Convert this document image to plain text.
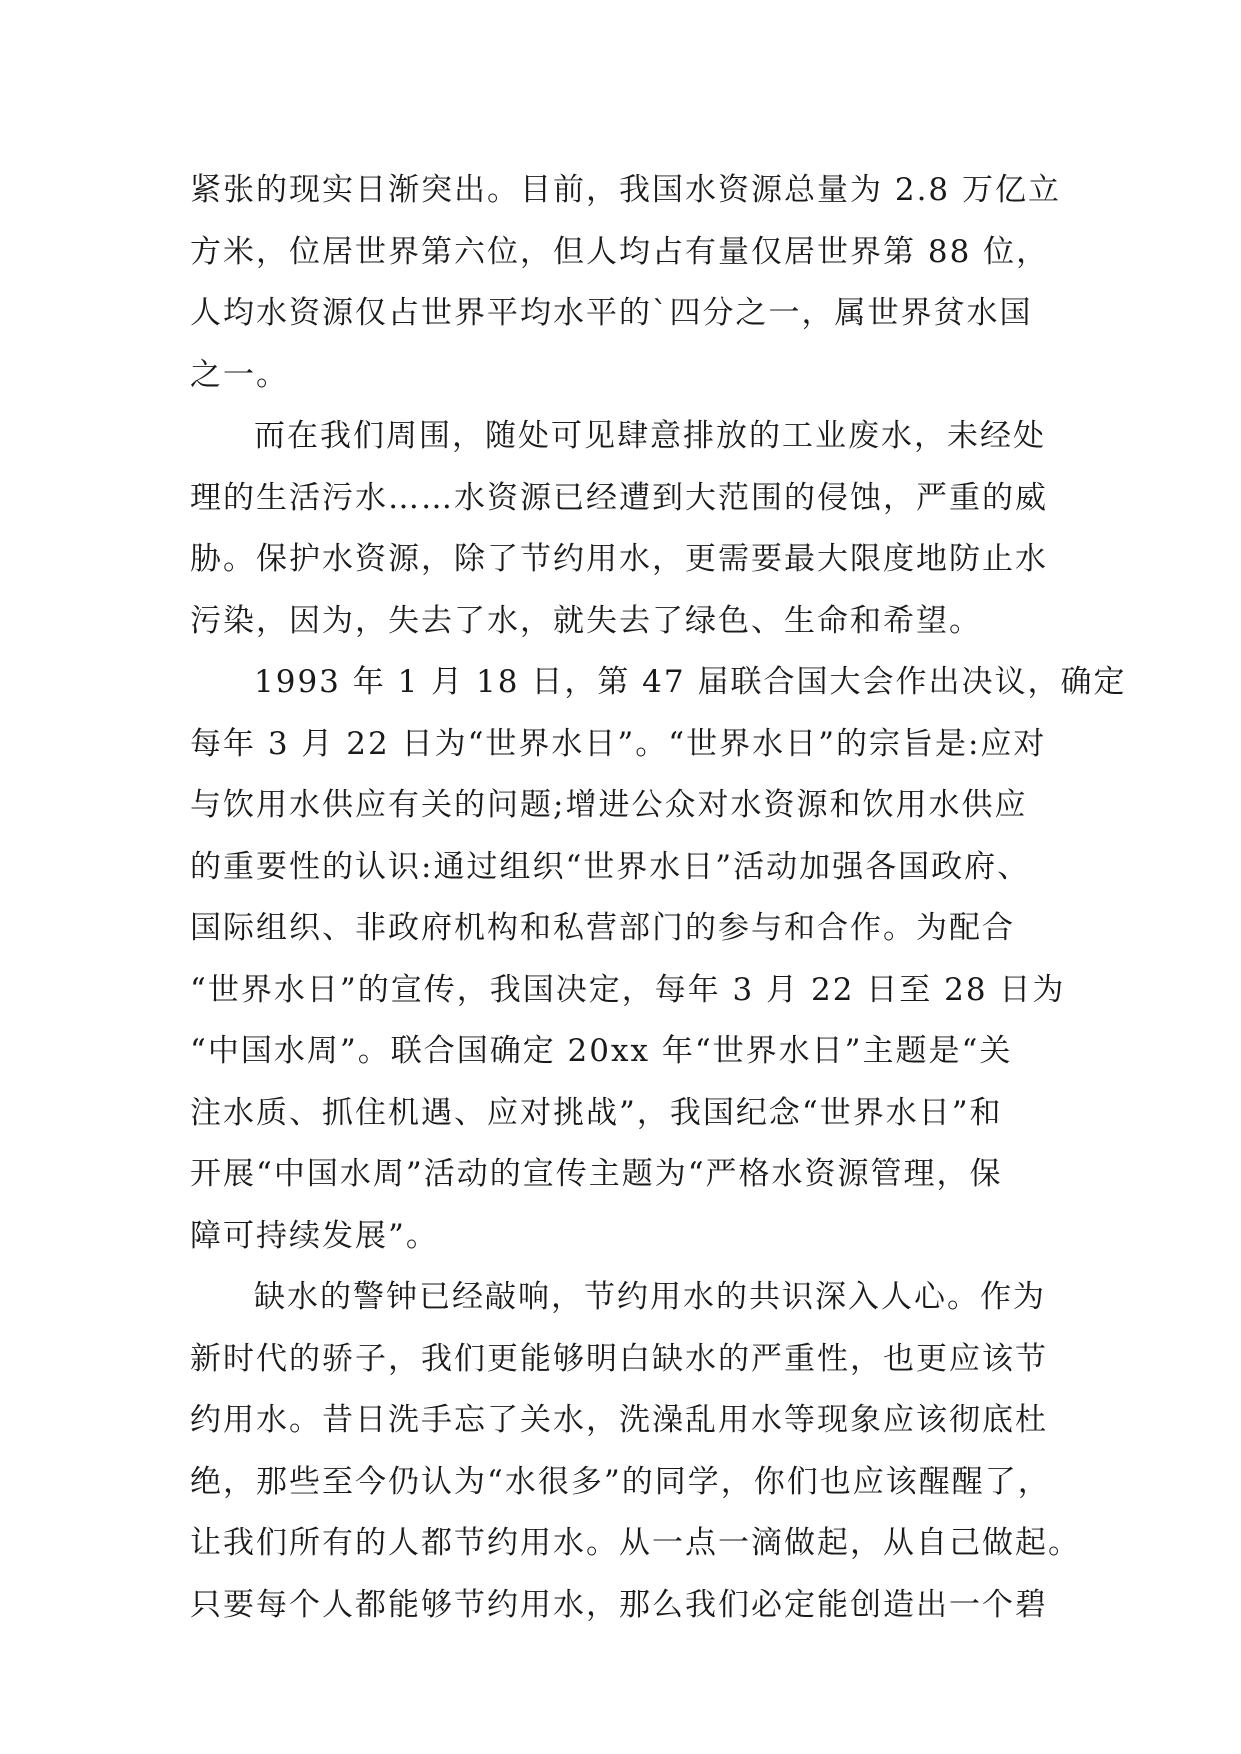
紧张的现实日渐突出。目前，我国水资源总量为 2.8 万亿立
方米，位居世界第六位，但人均占有量仅居世界第 88 位，
人均水资源仅占世界平均水平的`四分之一，属世界贫水国
之一。

而在我们周围，随处可见肆意排放的工业废水，未经处
理的生活污水……水资源已经遭到大范围的侵蚀，严重的威
胁。保护水资源，除了节约用水，更需要最大限度地防止水
污染，因为，失去了水，就失去了绿色、生命和希望。

1993 年 1 月 18 日，第 47 届联合国大会作出决议，确定
每年 3 月 22 日为“世界水日”。“世界水日”的宗旨是:应对
与饮用水供应有关的问题;增进公众对水资源和饮用水供应
的重要性的认识:通过组织“世界水日”活动加强各国政府、
国际组织、非政府机构和私营部门的参与和合作。为配合
“世界水日”的宣传，我国决定，每年 3 月 22 日至 28 日为
“中国水周”。联合国确定 20xx 年“世界水日”主题是“关
注水质、抓住机遇、应对挑战”，我国纪念“世界水日”和
开展“中国水周”活动的宣传主题为“严格水资源管理，保
障可持续发展”。

缺水的警钟已经敲响，节约用水的共识深入人心。作为
新时代的骄子，我们更能够明白缺水的严重性，也更应该节
约用水。昔日洗手忘了关水，洗澡乱用水等现象应该彻底杜
绝，那些至今仍认为“水很多”的同学，你们也应该醒醒了，
让我们所有的人都节约用水。从一点一滴做起，从自己做起。
只要每个人都能够节约用水，那么我们必定能创造出一个碧
